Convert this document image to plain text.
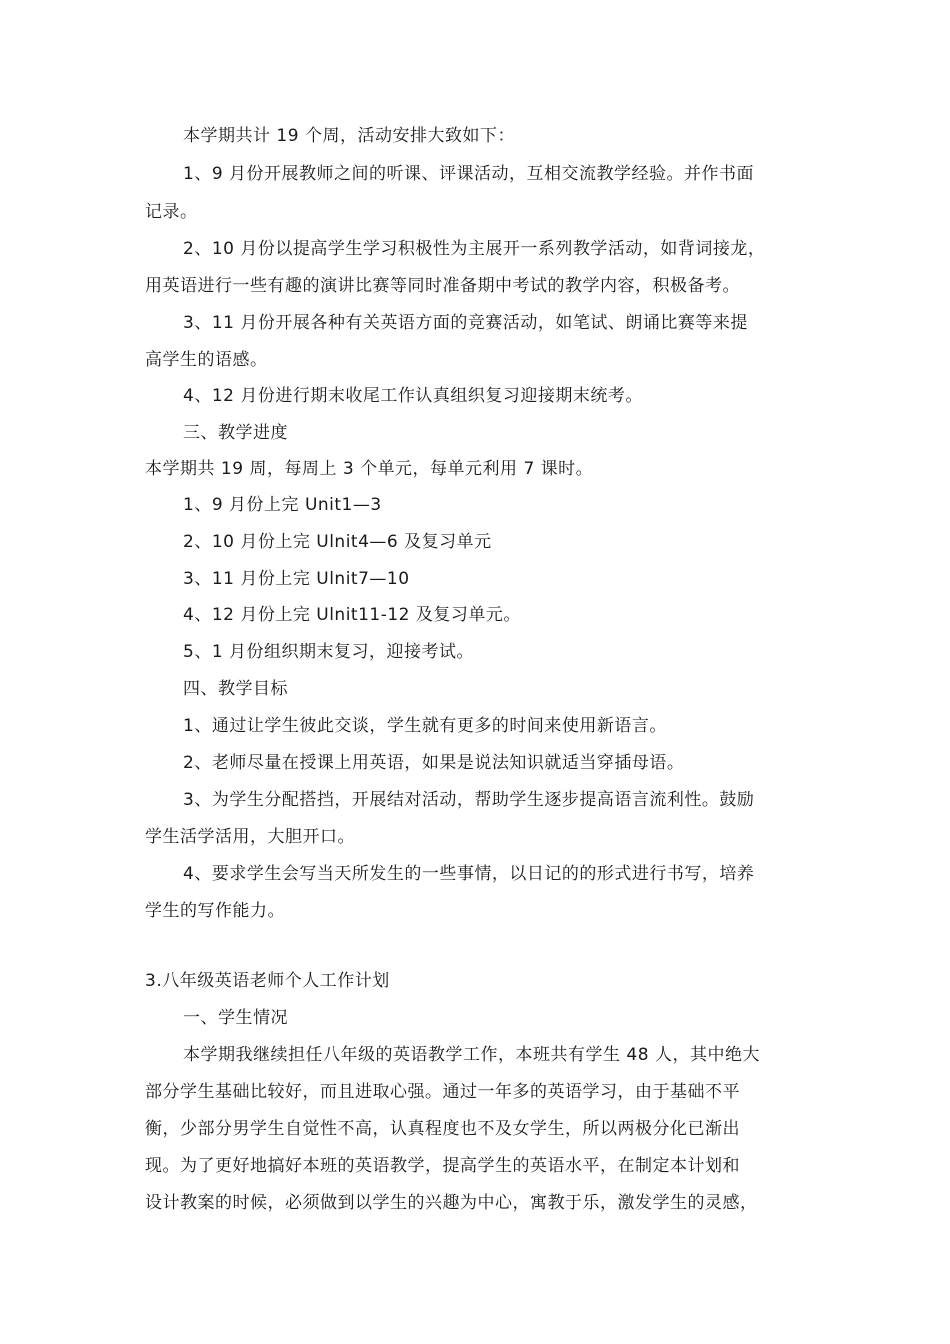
本学期共计 19 个周，活动安排大致如下：
1、9 月份开展教师之间的听课、评课活动，互相交流教学经验。并作书面
记录。
2、10 月份以提高学生学习积极性为主展开一系列教学活动，如背词接龙，
用英语进行一些有趣的演讲比赛等同时准备期中考试的教学内容，积极备考。
3、11 月份开展各种有关英语方面的竞赛活动，如笔试、朗诵比赛等来提
高学生的语感。
4、12 月份进行期末收尾工作认真组织复习迎接期末统考。
三、教学进度
本学期共 19 周，每周上 3 个单元，每单元利用 7 课时。
1、9 月份上完 Unit1—3
2、10 月份上完 Ulnit4—6 及复习单元
3、11 月份上完 Ulnit7—10
4、12 月份上完 Ulnit11-12 及复习单元。
5、1 月份组织期末复习，迎接考试。
四、教学目标
1、通过让学生彼此交谈，学生就有更多的时间来使用新语言。
2、老师尽量在授课上用英语，如果是说法知识就适当穿插母语。
3、为学生分配搭挡，开展结对活动，帮助学生逐步提高语言流利性。鼓励
学生活学活用，大胆开口。
4、要求学生会写当天所发生的一些事情，以日记的的形式进行书写，培养
学生的写作能力。
3.八年级英语老师个人工作计划
一、学生情况
本学期我继续担任八年级的英语教学工作，本班共有学生 48 人，其中绝大
部分学生基础比较好，而且进取心强。通过一年多的英语学习，由于基础不平
衡，少部分男学生自觉性不高，认真程度也不及女学生，所以两极分化已渐出
现。为了更好地搞好本班的英语教学，提高学生的英语水平，在制定本计划和
设计教案的时候，必须做到以学生的兴趣为中心，寓教于乐，激发学生的灵感，
